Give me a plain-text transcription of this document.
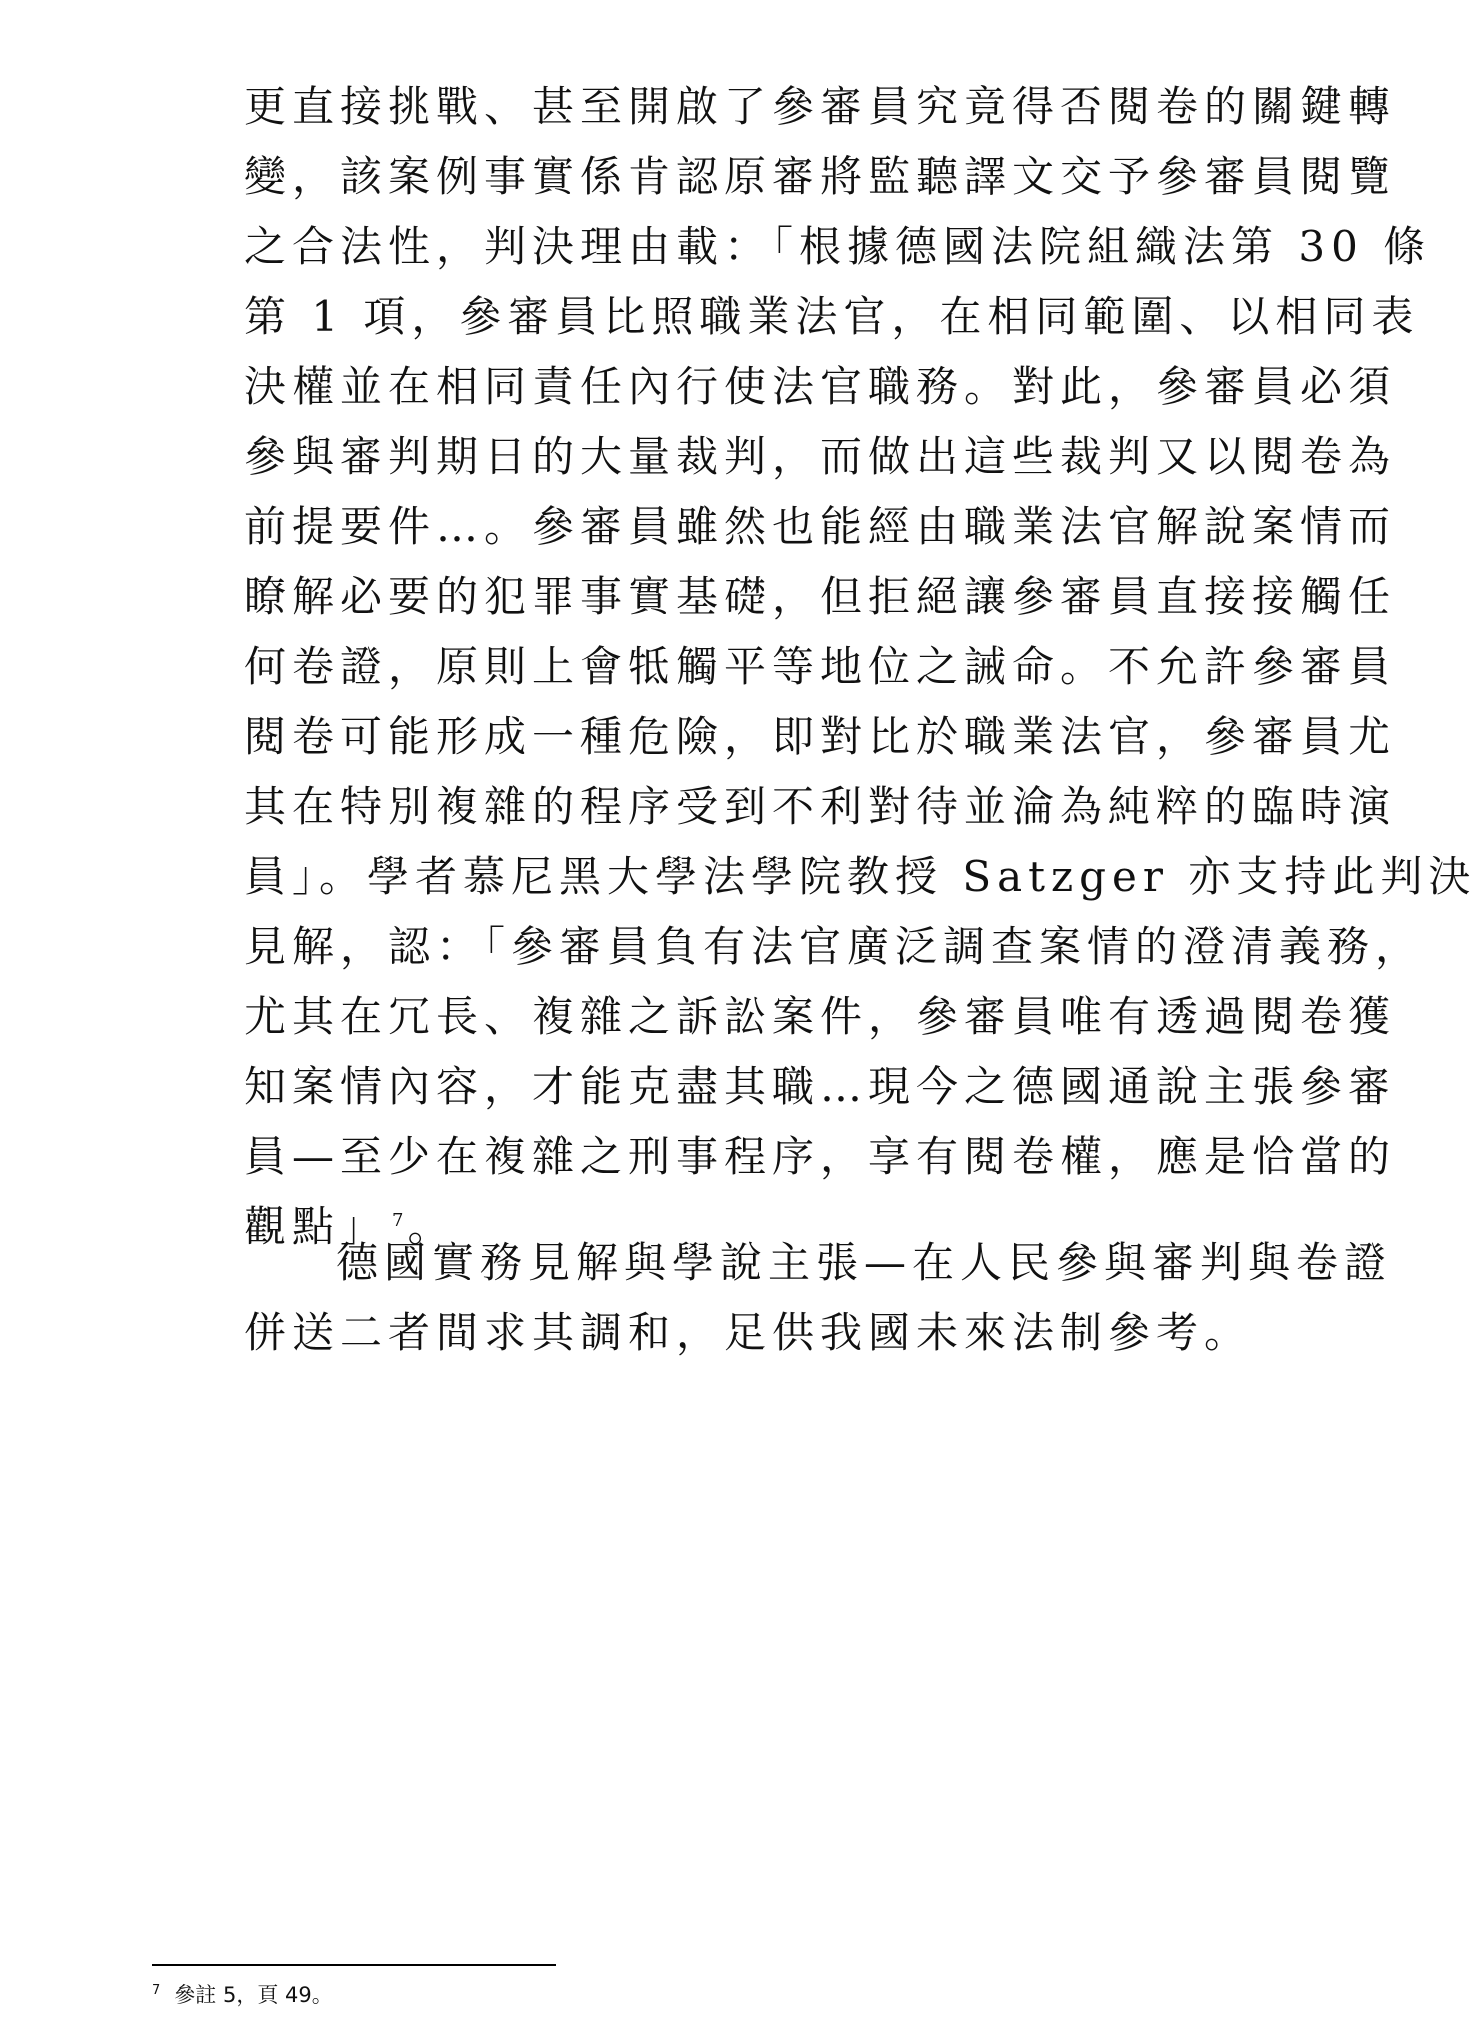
更直接挑戰、甚至開啟了參審員究竟得否閱卷的關鍵轉
變，該案例事實係肯認原審將監聽譯文交予參審員閱覽
之合法性，判決理由載：「根據德國法院組織法第 30 條
第 1 項，參審員比照職業法官，在相同範圍、以相同表
決權並在相同責任內行使法官職務。對此，參審員必須
參與審判期日的大量裁判，而做出這些裁判又以閱卷為
前提要件…。參審員雖然也能經由職業法官解說案情而
瞭解必要的犯罪事實基礎，但拒絕讓參審員直接接觸任
何卷證，原則上會牴觸平等地位之誡命。不允許參審員
閱卷可能形成一種危險，即對比於職業法官，參審員尤
其在特別複雜的程序受到不利對待並淪為純粹的臨時演
員」。學者慕尼黑大學法學院教授 Satzger 亦支持此判決
見解，認：「參審員負有法官廣泛調查案情的澄清義務，
尤其在冗長、複雜之訴訟案件，參審員唯有透過閱卷獲
知案情內容，才能克盡其職…現今之德國通說主張參審
員—至少在複雜之刑事程序，享有閱卷權，應是恰當的
觀點」 $^7$。
德國實務見解與學說主張—在人民參與審判與卷證
併送二者間求其調和，足供我國未來法制參考。
$^7$ 參註 5，頁 49。
